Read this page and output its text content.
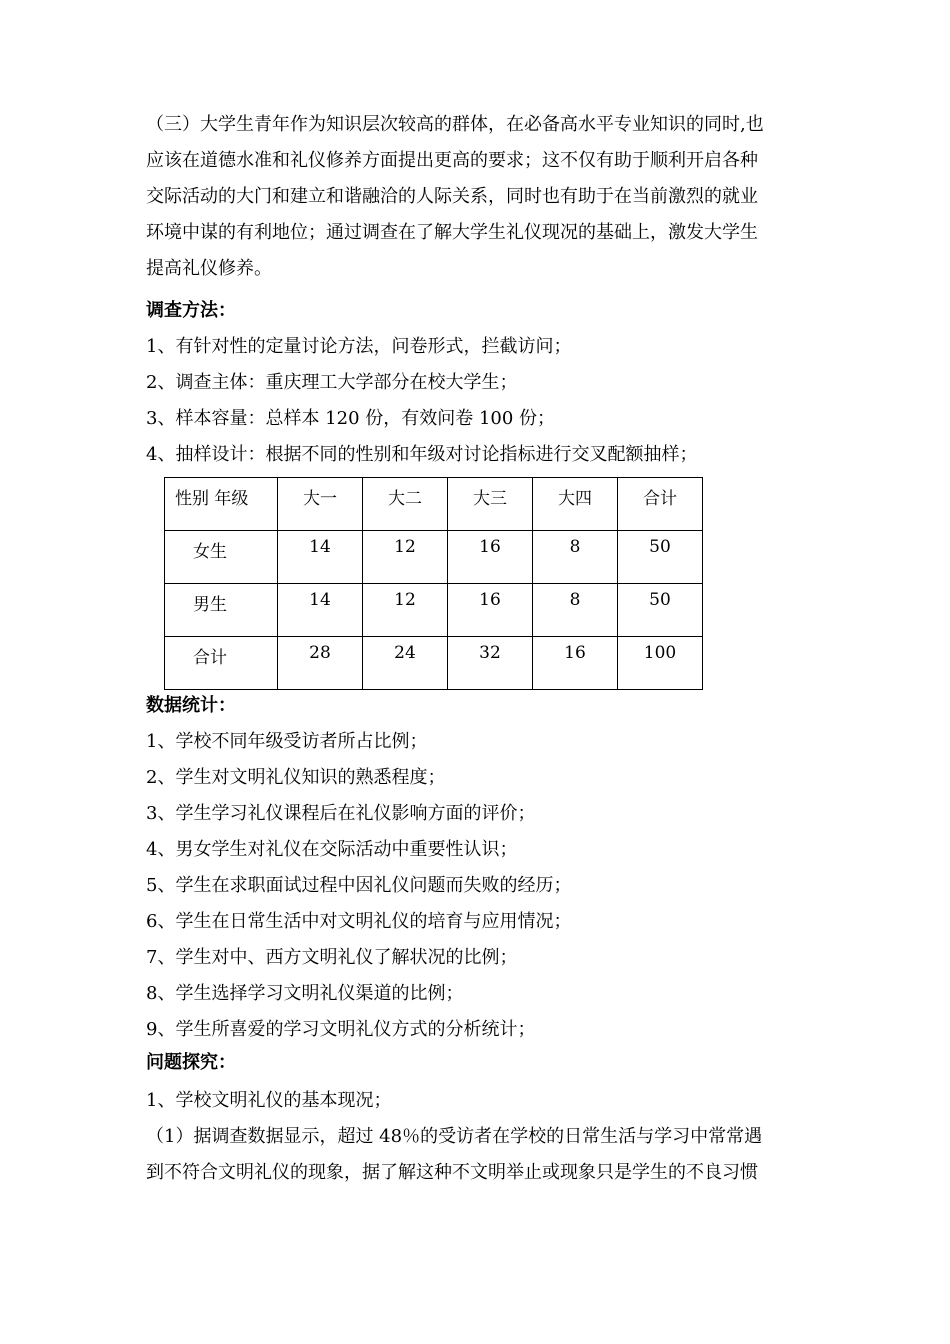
（三）大学生青年作为知识层次较高的群体，在必备高水平专业知识的同时,也
应该在道德水准和礼仪修养方面提出更高的要求；这不仅有助于顺利开启各种
交际活动的大门和建立和谐融洽的人际关系，同时也有助于在当前激烈的就业
环境中谋的有利地位；通过调查在了解大学生礼仪现况的基础上，激发大学生
提高礼仪修养。
调查方法：
1、有针对性的定量讨论方法，问卷形式，拦截访问；
2、调查主体：重庆理工大学部分在校大学生；
3、样本容量：总样本 120 份，有效问卷 100 份；
4、抽样设计：根据不同的性别和年级对讨论指标进行交叉配额抽样；
性别 年级	大一	大二	大三	大四	合计

女生	14	12	16	8	50

男生	14	12	16	8	50

合计	28	24	32	16	100
数据统计：
1、学校不同年级受访者所占比例；
2、学生对文明礼仪知识的熟悉程度；
3、学生学习礼仪课程后在礼仪影响方面的评价；
4、男女学生对礼仪在交际活动中重要性认识；
5、学生在求职面试过程中因礼仪问题而失败的经历；
6、学生在日常生活中对文明礼仪的培育与应用情况；
7、学生对中、西方文明礼仪了解状况的比例；
8、学生选择学习文明礼仪渠道的比例；
9、学生所喜爱的学习文明礼仪方式的分析统计；
问题探究：
1、学校文明礼仪的基本现况；
（1）据调查数据显示，超过 48％的受访者在学校的日常生活与学习中常常遇
到不符合文明礼仪的现象，据了解这种不文明举止或现象只是学生的不良习惯
